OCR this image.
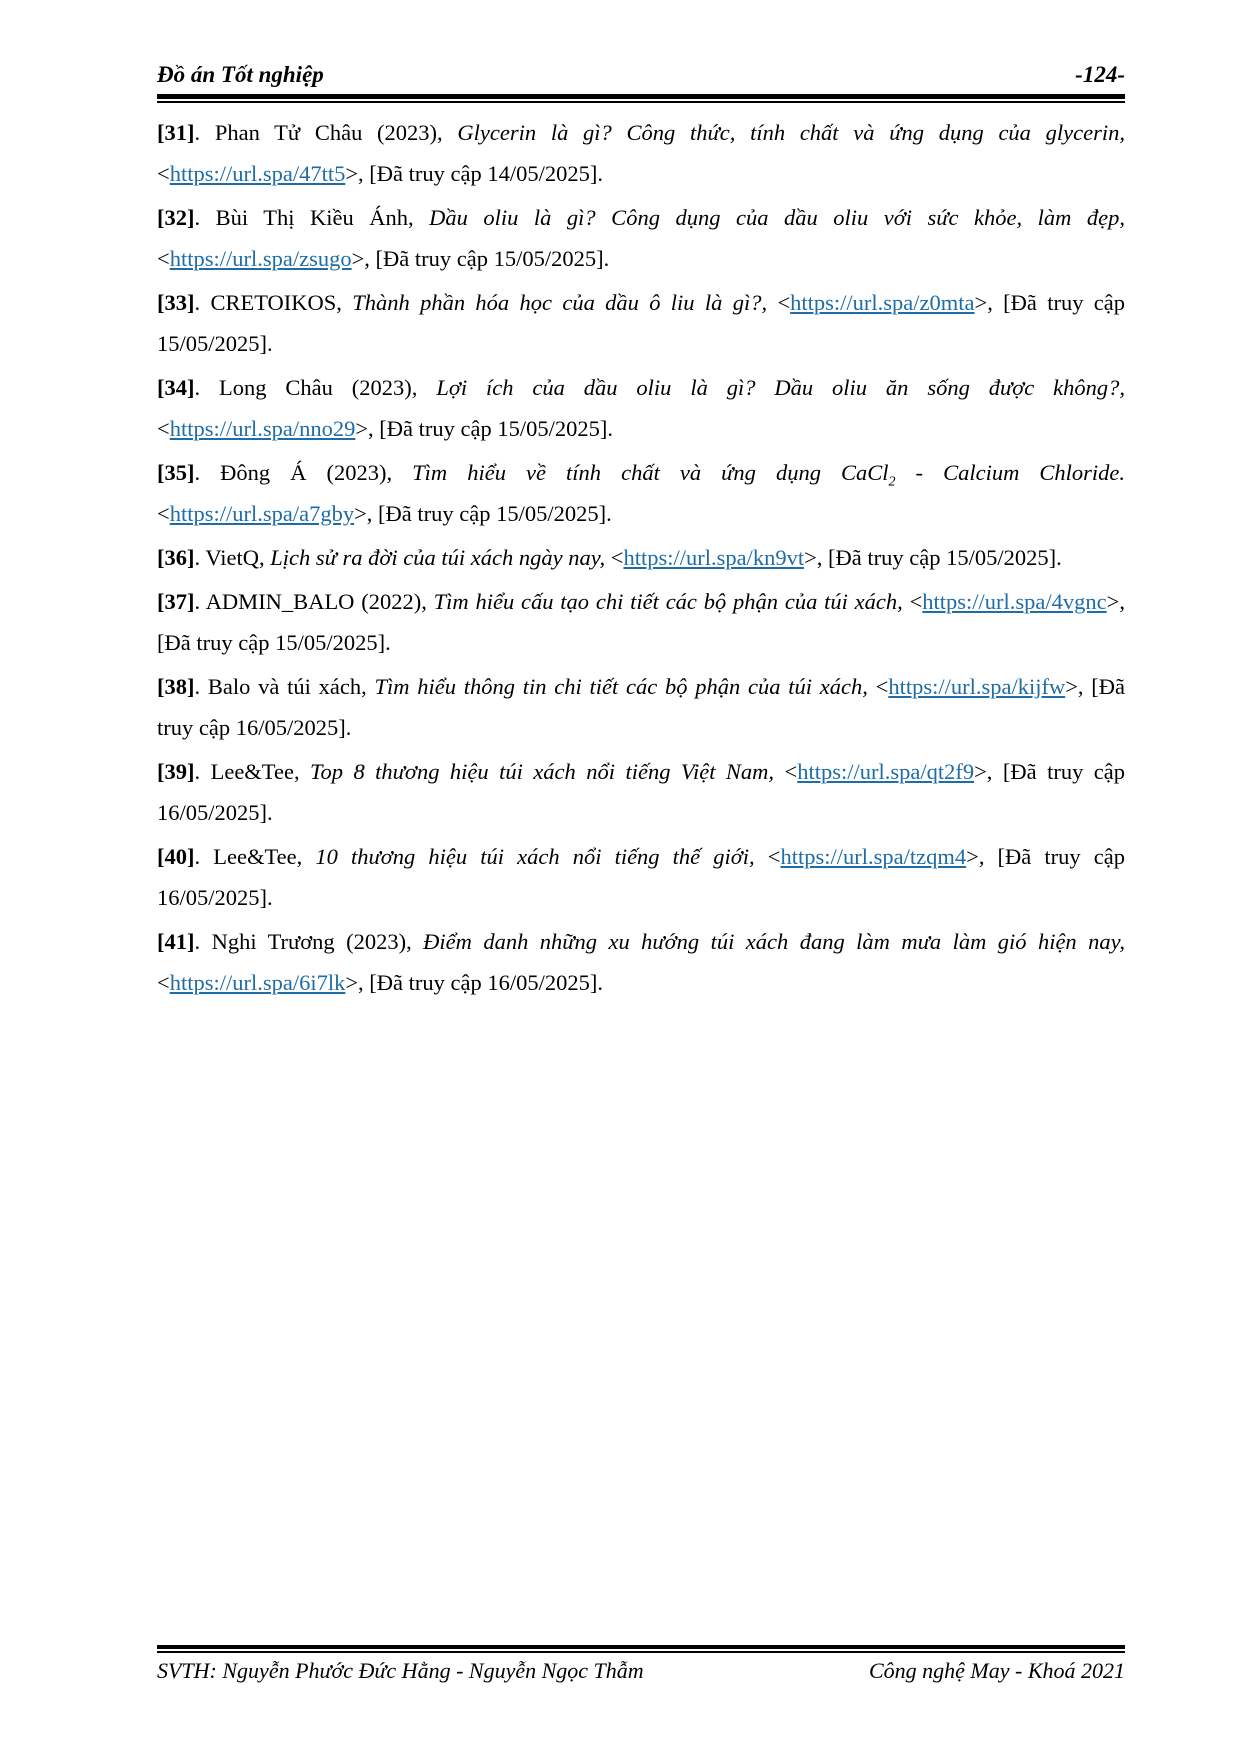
Đồ án Tốt nghiệp	-124-

[31]. Phan Tử Châu (2023), Glycerin là gì? Công thức, tính chất và ứng dụng của glycerin, <https://url.spa/47tt5>, [Đã truy cập 14/05/2025].

[32]. Bùi Thị Kiều Ánh, Dầu oliu là gì? Công dụng của dầu oliu với sức khỏe, làm đẹp, <https://url.spa/zsugo>, [Đã truy cập 15/05/2025].

[33]. CRETOIKOS, Thành phần hóa học của dầu ô liu là gì?, <https://url.spa/z0mta>, [Đã truy cập 15/05/2025].

[34]. Long Châu (2023), Lợi ích của dầu oliu là gì? Dầu oliu ăn sống được không?, <https://url.spa/nno29>, [Đã truy cập 15/05/2025].

[35]. Đông Á (2023), Tìm hiểu về tính chất và ứng dụng CaCl$_2$ - Calcium Chloride. <https://url.spa/a7gby>, [Đã truy cập 15/05/2025].

[36]. VietQ, Lịch sử ra đời của túi xách ngày nay, <https://url.spa/kn9vt>, [Đã truy cập 15/05/2025].

[37]. ADMIN_BALO (2022), Tìm hiểu cấu tạo chi tiết các bộ phận của túi xách, <https://url.spa/4vgnc>, [Đã truy cập 15/05/2025].

[38]. Balo và túi xách, Tìm hiểu thông tin chi tiết các bộ phận của túi xách, <https://url.spa/kijfw>, [Đã truy cập 16/05/2025].

[39]. Lee&Tee, Top 8 thương hiệu túi xách nổi tiếng Việt Nam, <https://url.spa/qt2f9>, [Đã truy cập 16/05/2025].

[40]. Lee&Tee, 10 thương hiệu túi xách nổi tiếng thế giới, <https://url.spa/tzqm4>, [Đã truy cập 16/05/2025].

[41]. Nghi Trương (2023), Điểm danh những xu hướng túi xách đang làm mưa làm gió hiện nay, <https://url.spa/6i7lk>, [Đã truy cập 16/05/2025].

SVTH: Nguyễn Phước Đức Hằng - Nguyễn Ngọc Thẫm	Công nghệ May - Khoá 2021
